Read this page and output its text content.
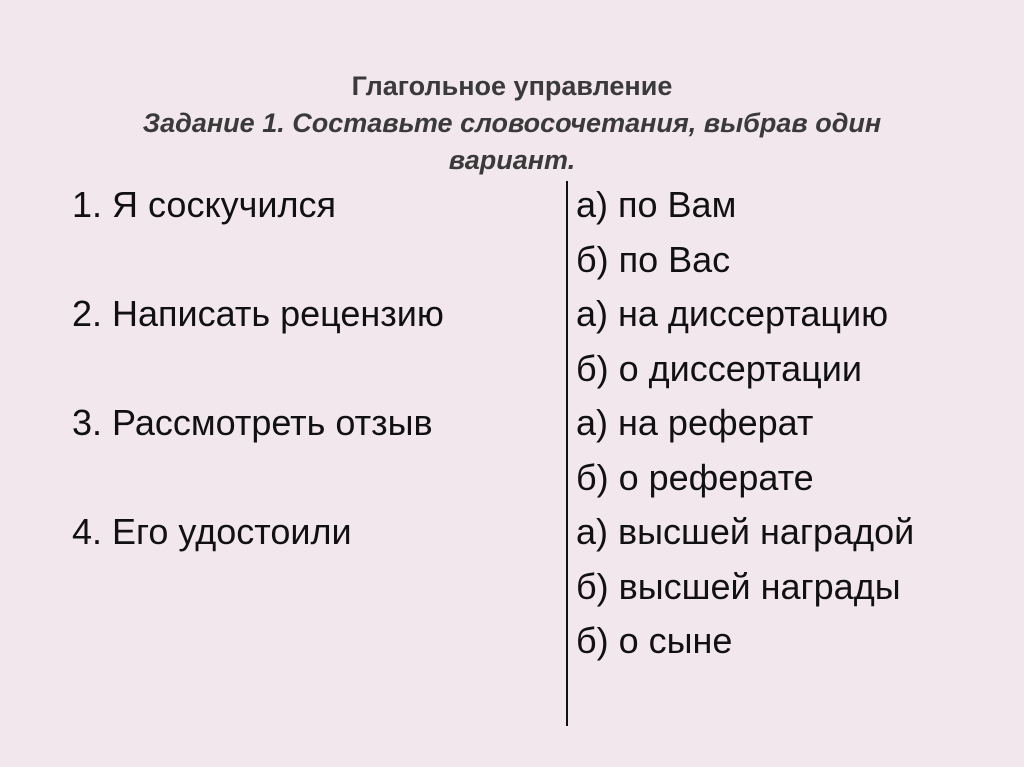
Глагольное управление
Задание 1. Составьте словосочетания, выбрав один
вариант.
1. Я соскучился
2. Написать рецензию
3. Рассмотреть отзыв
4. Его удостоили
а) по Вам
б) по Вас
а) на диссертацию
б) о диссертации
а) на реферат
б) о реферате
а) высшей наградой
б) высшей награды
б) о сыне
